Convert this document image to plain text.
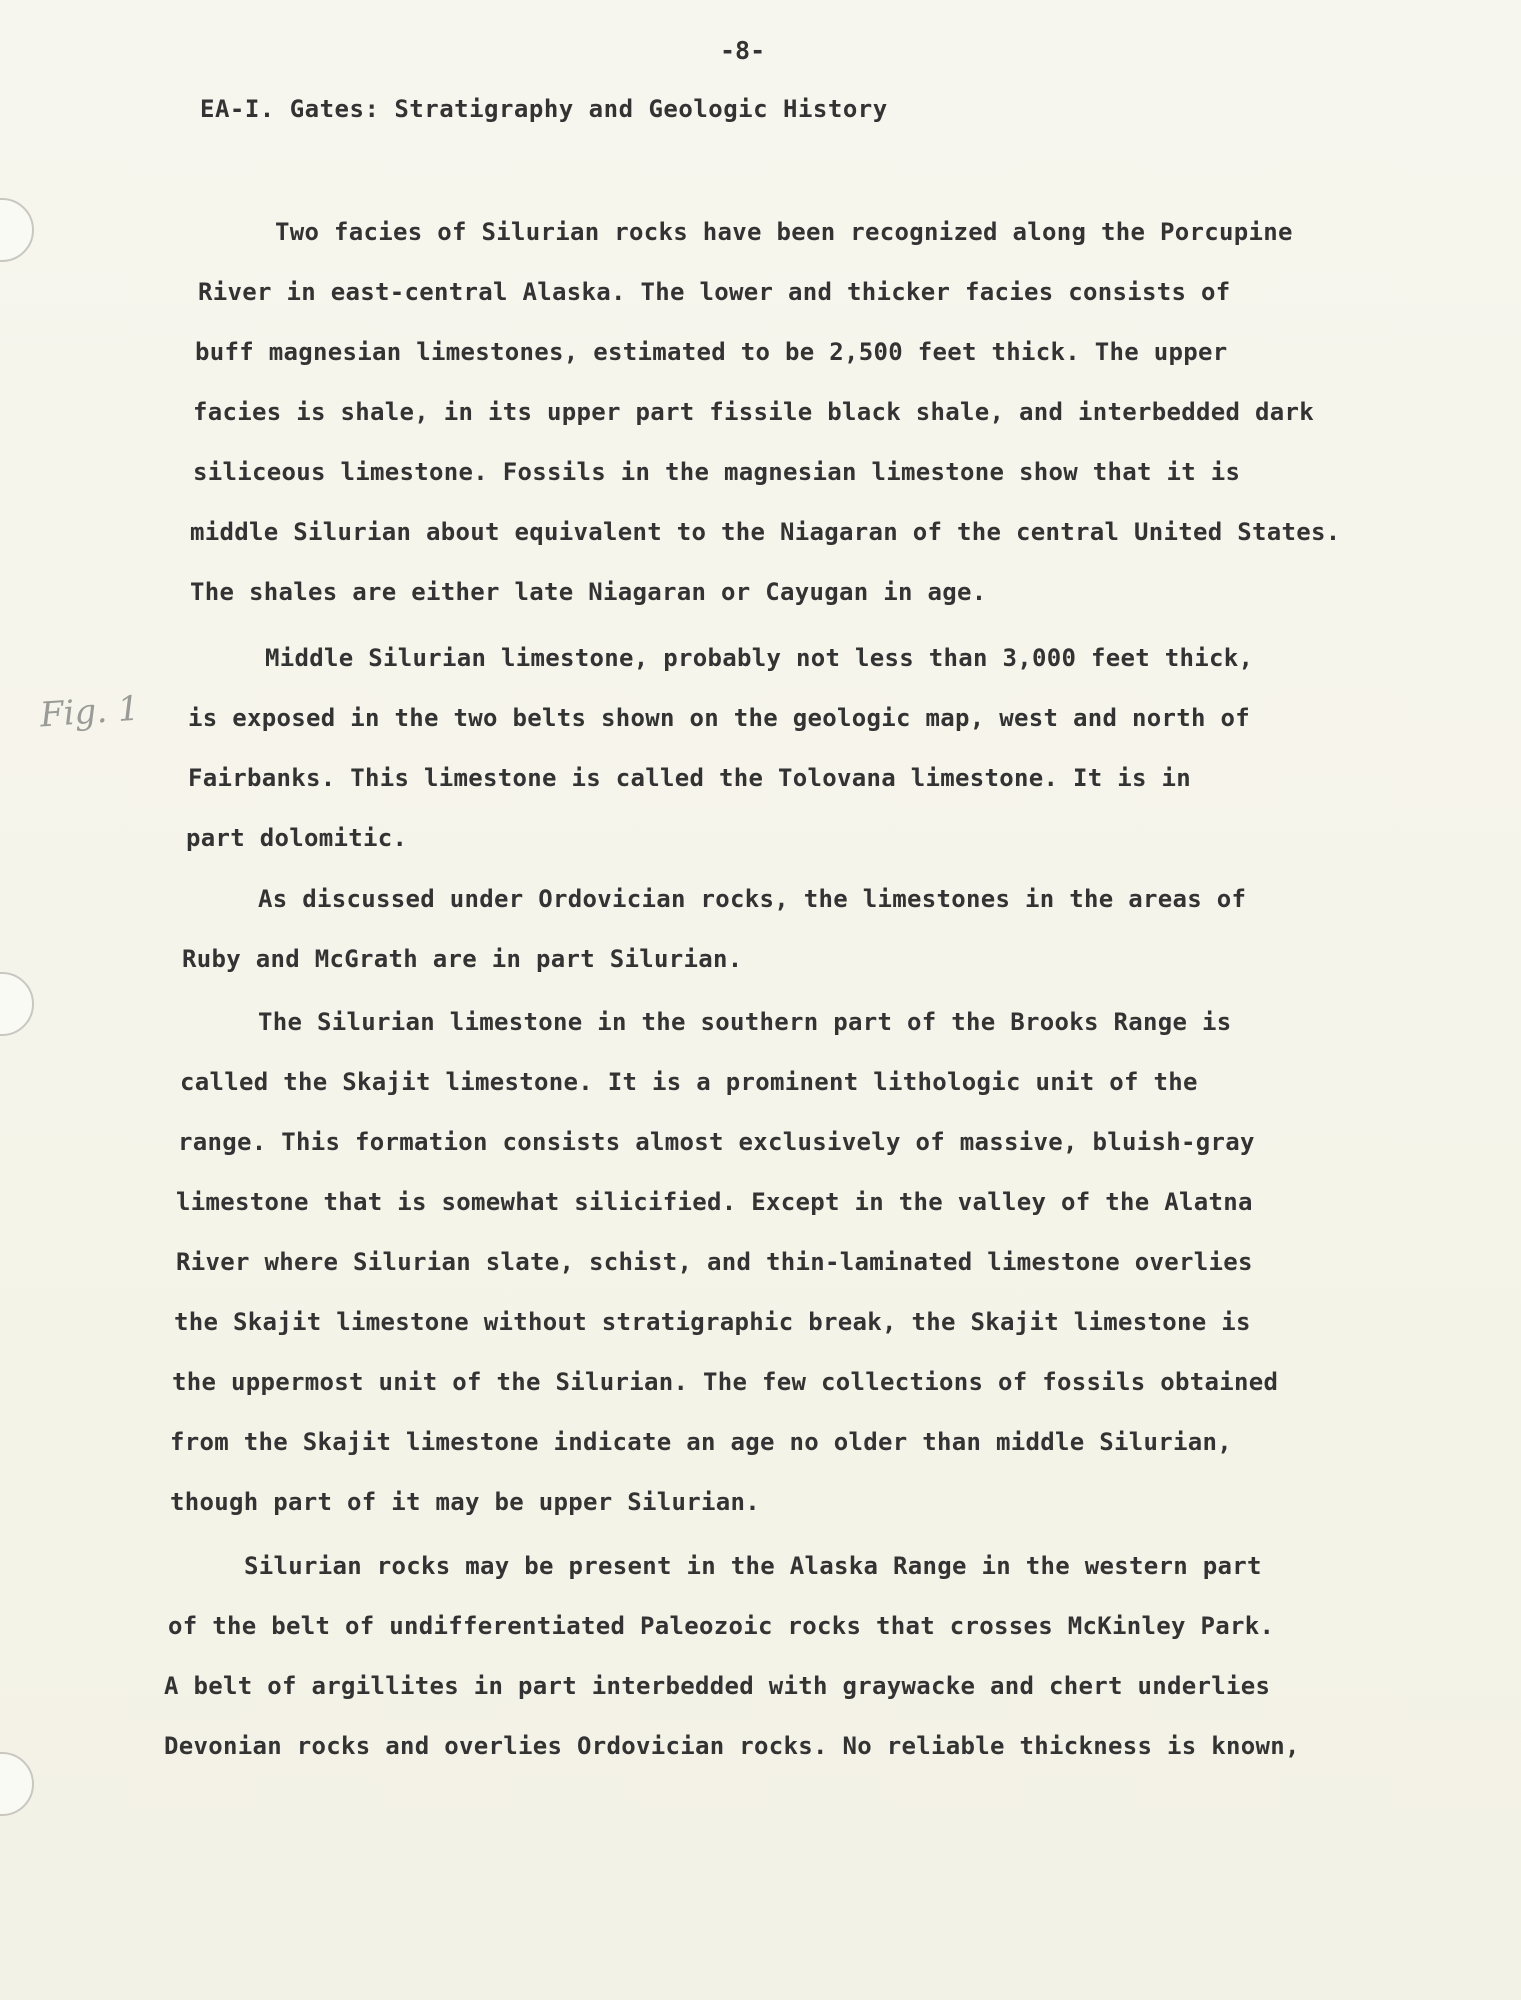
-8-
EA-I. Gates: Stratigraphy and Geologic History
Fig. 1
Two facies of Silurian rocks have been recognized along the Porcupine
River in east-central Alaska. The lower and thicker facies consists of
buff magnesian limestones, estimated to be 2,500 feet thick. The upper
facies is shale, in its upper part fissile black shale, and interbedded dark
siliceous limestone. Fossils in the magnesian limestone show that it is
middle Silurian about equivalent to the Niagaran of the central United States.
The shales are either late Niagaran or Cayugan in age.
Middle Silurian limestone, probably not less than 3,000 feet thick,
is exposed in the two belts shown on the geologic map, west and north of
Fairbanks. This limestone is called the Tolovana limestone. It is in
part dolomitic.
As discussed under Ordovician rocks, the limestones in the areas of
Ruby and McGrath are in part Silurian.
The Silurian limestone in the southern part of the Brooks Range is
called the Skajit limestone. It is a prominent lithologic unit of the
range. This formation consists almost exclusively of massive, bluish-gray
limestone that is somewhat silicified. Except in the valley of the Alatna
River where Silurian slate, schist, and thin-laminated limestone overlies
the Skajit limestone without stratigraphic break, the Skajit limestone is
the uppermost unit of the Silurian. The few collections of fossils obtained
from the Skajit limestone indicate an age no older than middle Silurian,
though part of it may be upper Silurian.
Silurian rocks may be present in the Alaska Range in the western part
of the belt of undifferentiated Paleozoic rocks that crosses McKinley Park.
A belt of argillites in part interbedded with graywacke and chert underlies
Devonian rocks and overlies Ordovician rocks. No reliable thickness is known,
